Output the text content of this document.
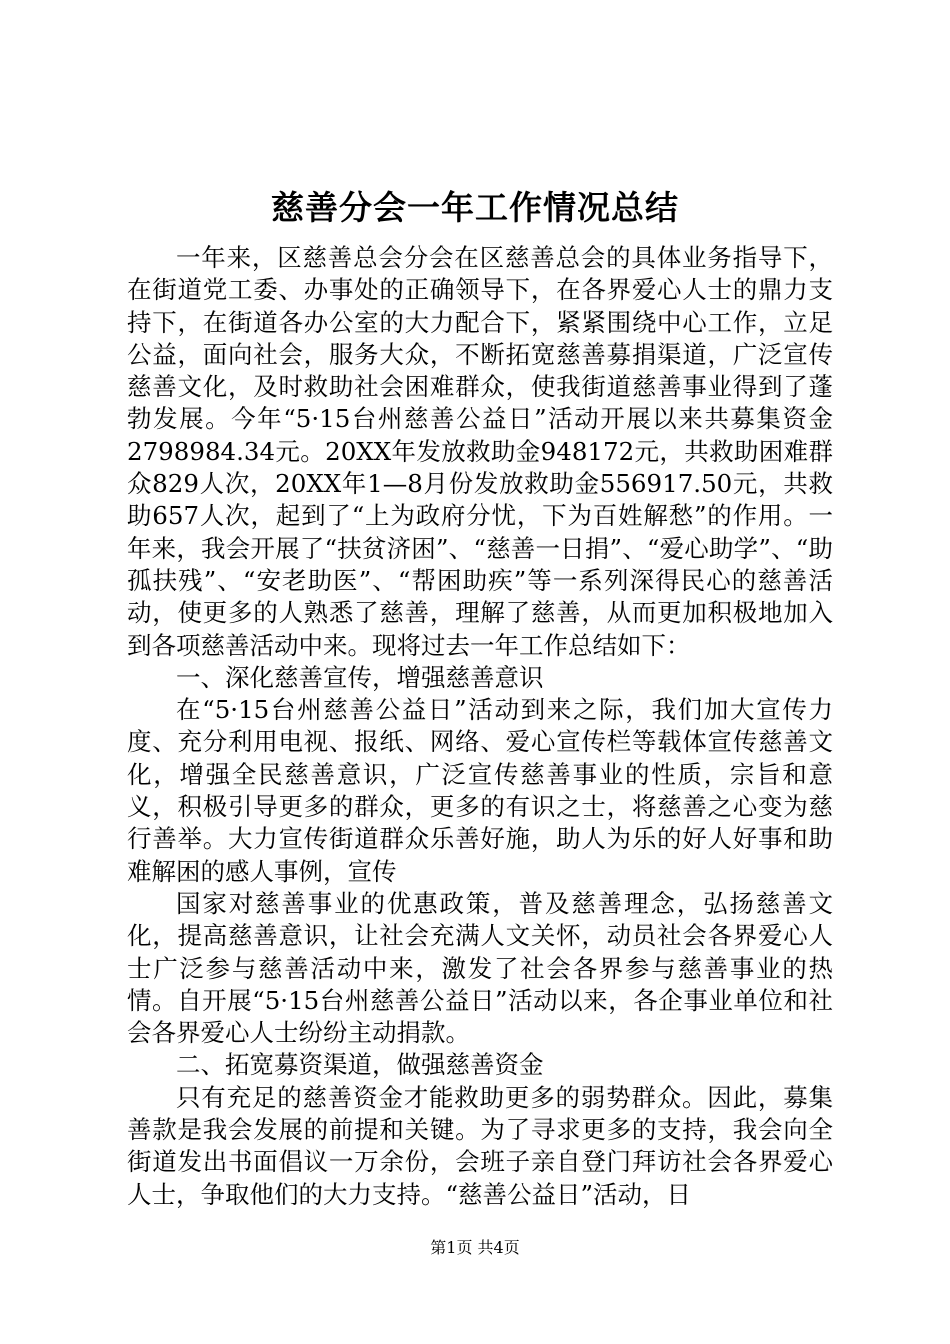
慈善分会一年工作情况总结

一年来，区慈善总会分会在区慈善总会的具体业务指导下，在街道党工委、办事处的正确领导下，在各界爱心人士的鼎力支持下，在街道各办公室的大力配合下，紧紧围绕中心工作，立足公益，面向社会，服务大众，不断拓宽慈善募捐渠道，广泛宣传慈善文化，及时救助社会困难群众，使我街道慈善事业得到了蓬勃发展。今年“5·15台州慈善公益日”活动开展以来共募集资金2798984.34元。20XX年发放救助金948172元，共救助困难群众829人次，20XX年1—8月份发放救助金556917.50元，共救助657人次，起到了“上为政府分忧，下为百姓解愁”的作用。一年来，我会开展了“扶贫济困”、“慈善一日捐”、“爱心助学”、“助孤扶残”、“安老助医”、“帮困助疾”等一系列深得民心的慈善活动，使更多的人熟悉了慈善，理解了慈善，从而更加积极地加入到各项慈善活动中来。现将过去一年工作总结如下：

一、深化慈善宣传，增强慈善意识

在“5·15台州慈善公益日”活动到来之际，我们加大宣传力度、充分利用电视、报纸、网络、爱心宣传栏等载体宣传慈善文化，增强全民慈善意识，广泛宣传慈善事业的性质，宗旨和意义，积极引导更多的群众，更多的有识之士，将慈善之心变为慈行善举。大力宣传街道群众乐善好施，助人为乐的好人好事和助难解困的感人事例，宣传

国家对慈善事业的优惠政策，普及慈善理念，弘扬慈善文化，提高慈善意识，让社会充满人文关怀，动员社会各界爱心人士广泛参与慈善活动中来，激发了社会各界参与慈善事业的热情。自开展“5·15台州慈善公益日”活动以来，各企事业单位和社会各界爱心人士纷纷主动捐款。

二、拓宽募资渠道，做强慈善资金

只有充足的慈善资金才能救助更多的弱势群众。因此，募集善款是我会发展的前提和关键。为了寻求更多的支持，我会向全街道发出书面倡议一万余份，会班子亲自登门拜访社会各界爱心人士，争取他们的大力支持。“慈善公益日”活动，日

第1页 共4页
